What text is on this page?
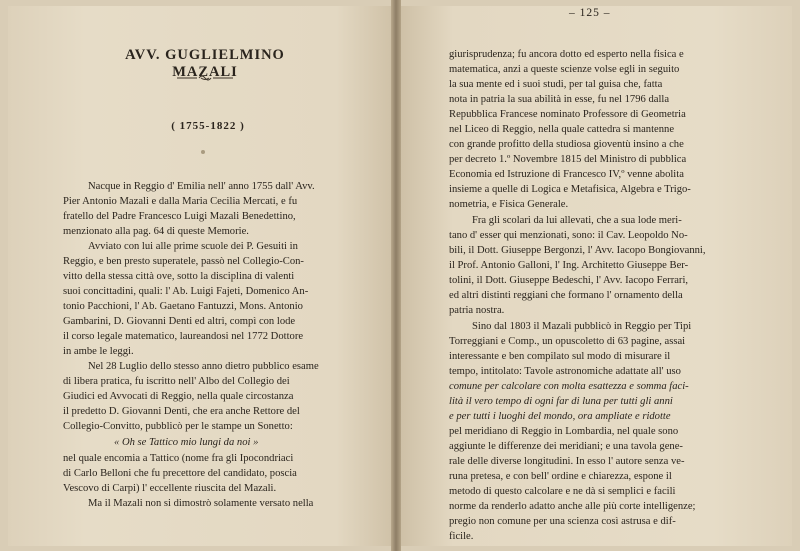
AVV. GUGLIELMINO MAZALI
( 1755-1822 )
Nacque in Reggio d' Emilia nell' anno 1755 dall' Avv.
Pier Antonio Mazali e dalla Maria Cecilia Mercati, e fu
fratello del Padre Francesco Luigi Mazali Benedettino,
menzionato alla pag. 64 di queste Memorie.
Avviato con lui alle prime scuole dei P. Gesuiti in
Reggio, e ben presto superatele, passò nel Collegio-Con-
vitto della stessa città ove, sotto la disciplina di valenti
suoi concittadini, quali: l' Ab. Luigi Fajeti, Domenico An-
tonio Pacchioni, l' Ab. Gaetano Fantuzzi, Mons. Antonio
Gambarini, D. Giovanni Denti ed altri, compì con lode
il corso legale matematico, laureandosi nel 1772 Dottore
in ambe le leggi.
Nel 28 Luglio dello stesso anno dietro pubblico esame
di libera pratica, fu iscritto nell' Albo del Collegio dei
Giudici ed Avvocati di Reggio, nella quale circostanza
il predetto D. Giovanni Denti, che era anche Rettore del
Collegio-Convitto, pubblicò per le stampe un Sonetto:
« Oh se Tattico mio lungi da noi »
nel quale encomia a Tattico (nome fra gli Ipocondriaci
di Carlo Belloni che fu precettore del candidato, poscia
Vescovo di Carpi) l' eccellente riuscita del Mazali.
Ma il Mazali non si dimostrò solamente versato nella
– 125 –
giurisprudenza; fu ancora dotto ed esperto nella fisica e
matematica, anzi a queste scienze volse egli in seguito
la sua mente ed i suoi studi, per tal guisa che, fatta
nota in patria la sua abilità in esse, fu nel 1796 dalla
Repubblica Francese nominato Professore di Geometria
nel Liceo di Reggio, nella quale cattedra si mantenne
con grande profitto della studiosa gioventù insino a che
per decreto 1.º Novembre 1815 del Ministro di pubblica
Economia ed Istruzione di Francesco IV,º venne abolita
insieme a quelle di Logica e Metafisica, Algebra e Trigo-
nometria, e Fisica Generale.
Fra gli scolari da lui allevati, che a sua lode meri-
tano d' esser qui menzionati, sono: il Cav. Leopoldo No-
bili, il Dott. Giuseppe Bergonzi, l' Avv. Iacopo Bongiovanni,
il Prof. Antonio Galloni, l' Ing. Architetto Giuseppe Ber-
tolini, il Dott. Giuseppe Bedeschi, l' Avv. Iacopo Ferrari,
ed altri distinti reggiani che formano l' ornamento della
patria nostra.
Sino dal 1803 il Mazali pubblicò in Reggio per Tipi
Torreggiani e Comp., un opuscoletto di 63 pagine, assai
interessante e ben compilato sul modo di misurare il
tempo, intitolato: Tavole astronomiche adattate all' uso
comune per calcolare con molta esattezza e somma faci-
lità il vero tempo di ogni far di luna per tutti gli anni
e per tutti i luoghi del mondo, ora ampliate e ridotte
pel meridiano di Reggio in Lombardia, nel quale sono
aggiunte le differenze dei meridiani; e una tavola gene-
rale delle diverse longitudini. In esso l' autore senza ve-
runa pretesa, e con bell' ordine e chiarezza, espone il
metodo di questo calcolare e ne dà si semplici e facili
norme da renderlo adatto anche alle più corte intelligenze;
pregio non comune per una scienza così astrusa e dif-
ficile.
